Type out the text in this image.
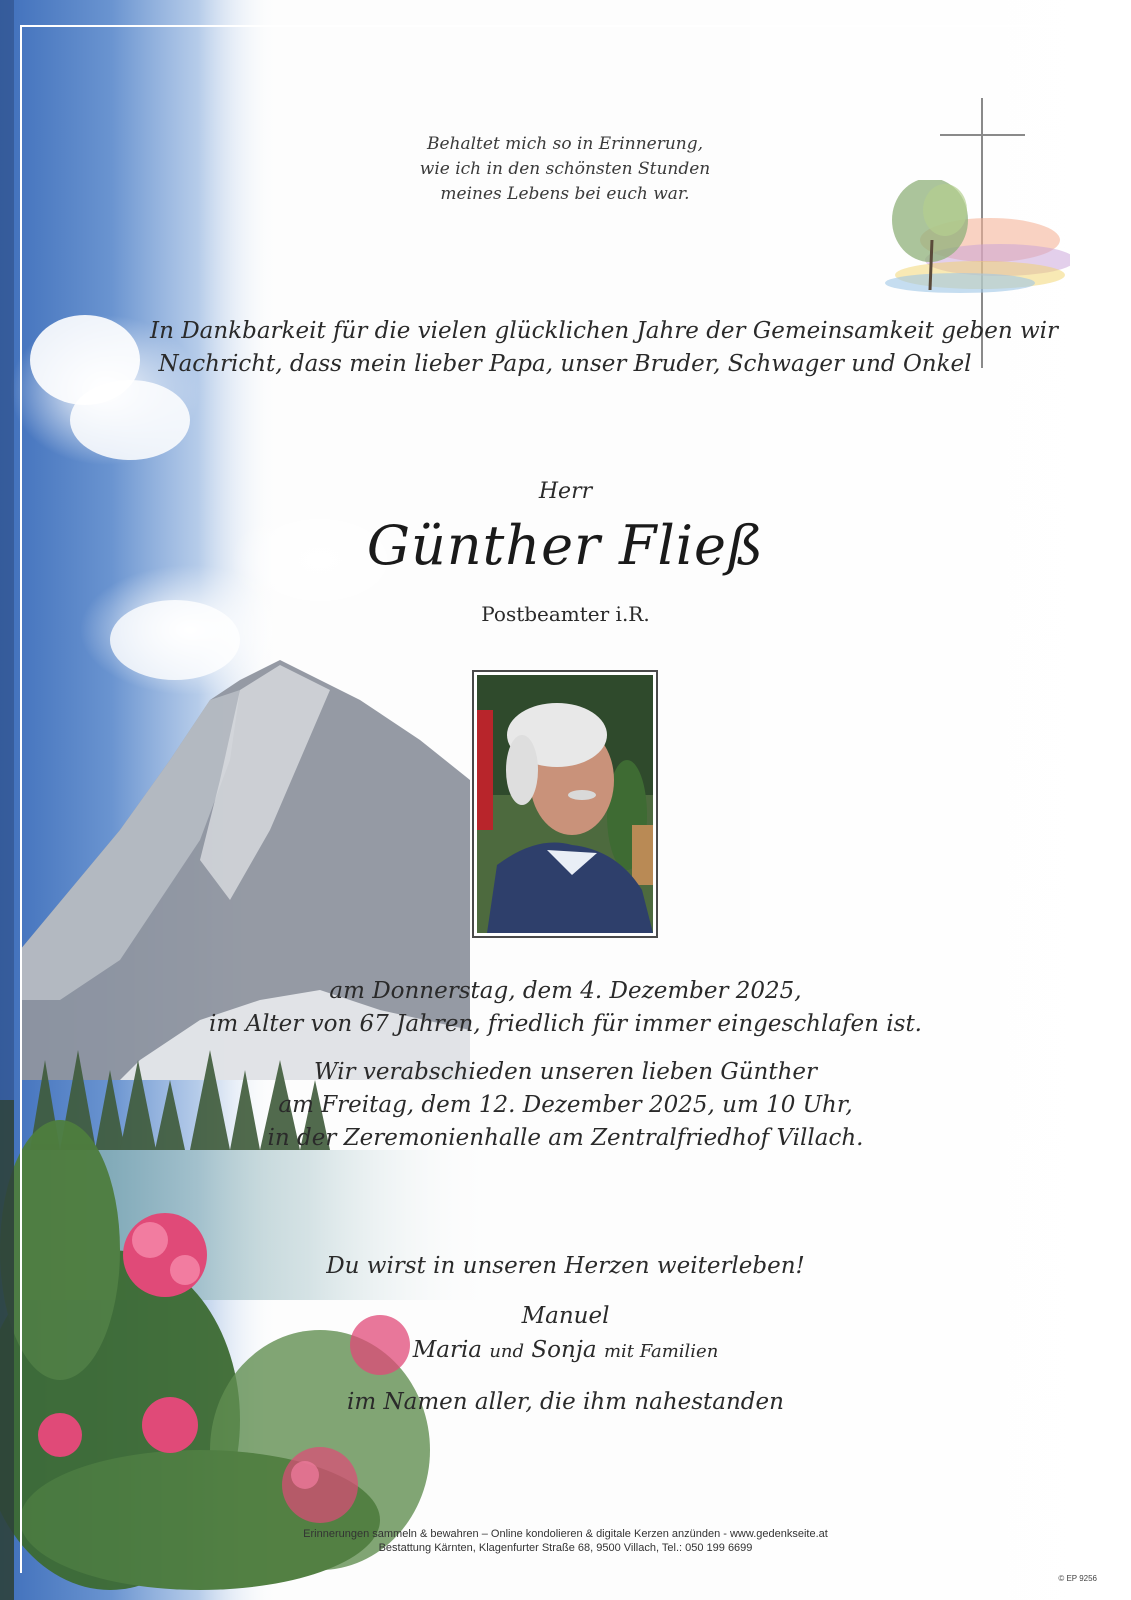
Behaltet mich so in Erinnerung,
wie ich in den schönsten Stunden
meines Lebens bei euch war.
In Dankbarkeit für die vielen glücklichen Jahre der Gemeinsamkeit geben wir
Nachricht, dass mein lieber Papa, unser Bruder, Schwager und Onkel
Herr
Günther Fließ
Postbeamter i.R.
am Donnerstag, dem 4. Dezember 2025,
im Alter von 67 Jahren, friedlich für immer eingeschlafen ist.
Wir verabschieden unseren lieben Günther
am Freitag, dem 12. Dezember 2025, um 10 Uhr,
in der Zeremonienhalle am Zentralfriedhof Villach.
Du wirst in unseren Herzen weiterleben!
Manuel
Maria und Sonja mit Familien
im Namen aller, die ihm nahestanden
Erinnerungen sammeln & bewahren – Online kondolieren & digitale Kerzen anzünden - www.gedenkseite.at
Bestattung Kärnten, Klagenfurter Straße 68, 9500 Villach, Tel.: 050 199 6699
© EP 9256
